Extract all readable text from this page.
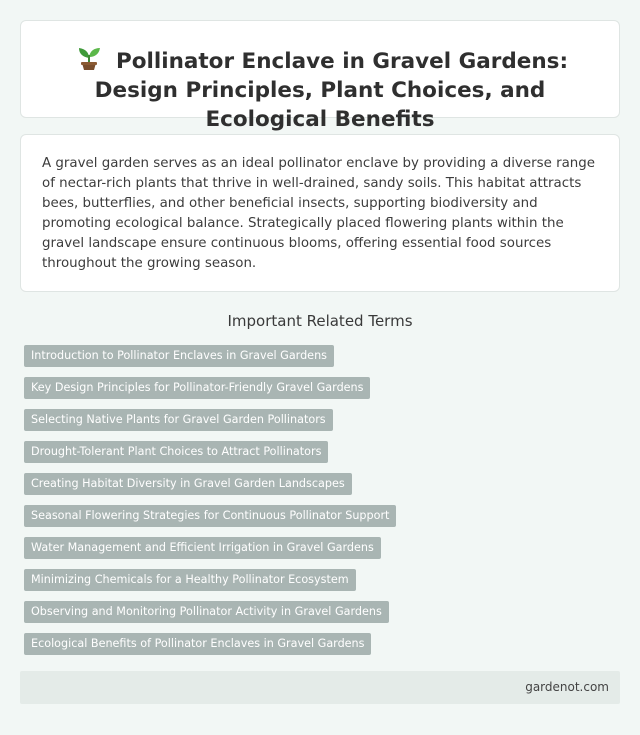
Pollinator Enclave in Gravel Gardens: Design Principles, Plant Choices, and Ecological Benefits

A gravel garden serves as an ideal pollinator enclave by providing a diverse range of nectar-rich plants that thrive in well-drained, sandy soils. This habitat attracts bees, butterflies, and other beneficial insects, supporting biodiversity and promoting ecological balance. Strategically placed flowering plants within the gravel landscape ensure continuous blooms, offering essential food sources throughout the growing season.

Important Related Terms
Introduction to Pollinator Enclaves in Gravel Gardens
Key Design Principles for Pollinator-Friendly Gravel Gardens
Selecting Native Plants for Gravel Garden Pollinators
Drought-Tolerant Plant Choices to Attract Pollinators
Creating Habitat Diversity in Gravel Garden Landscapes
Seasonal Flowering Strategies for Continuous Pollinator Support
Water Management and Efficient Irrigation in Gravel Gardens
Minimizing Chemicals for a Healthy Pollinator Ecosystem
Observing and Monitoring Pollinator Activity in Gravel Gardens
Ecological Benefits of Pollinator Enclaves in Gravel Gardens
gardenot.com
